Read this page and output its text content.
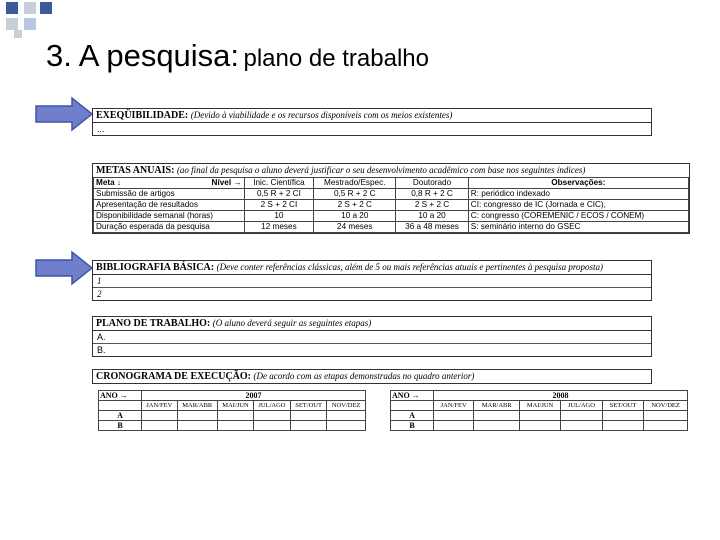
3. A pesquisa: plano de trabalho
EXEQÜIBILIDADE: (Devido à viabilidade e os recursos disponíveis com os meios existentes)
...
METAS ANUAIS: (ao final da pesquisa o aluno deverá justificar o seu desenvolvimento acadêmico com base nos seguintes índices)
Meta ↓	Nível →	Inic. Científica	Mestrado/Espec.	Doutorado	Observações:
Submissão de artigos		0,5 R + 2 CI	0,5 R + 2 C	0,8 R + 2 C	R: periódico indexado
Apresentação de resultados		2 S + 2 CI	2 S + 2 C	2 S + 2 C	CI: congresso de IC (Jornada e CIC),
Disponibilidade semanal (horas)		10	10 a 20	10 a 20	C: congresso (COREMENIC / ECOS / CONEM)
Duração esperada da pesquisa		12 meses	24 meses	36 a 48 meses	S: seminário interno do GSEC
BIBLIOGRAFIA BÁSICA: (Deve conter referências clássicas, além de 5 ou mais referências atuais e pertinentes à pesquisa proposta)
1
2
PLANO DE TRABALHO: (O aluno deverá seguir as seguintes etapas)
A.
B.
CRONOGRAMA DE EXECUÇÃO: (De acordo com as etapas demonstradas no quadro anterior)
ANO →	2007					
	JAN/FEV	MAR/ABR	MAI/JUN	JUL/AGO	SET/OUT	NOV/DEZ
A						
B						
ANO →	2008					
	JAN/FEV	MAR/ABR	MAI/JUN	JUL/AGO	SET/OUT	NOV/DEZ
A						
B						
